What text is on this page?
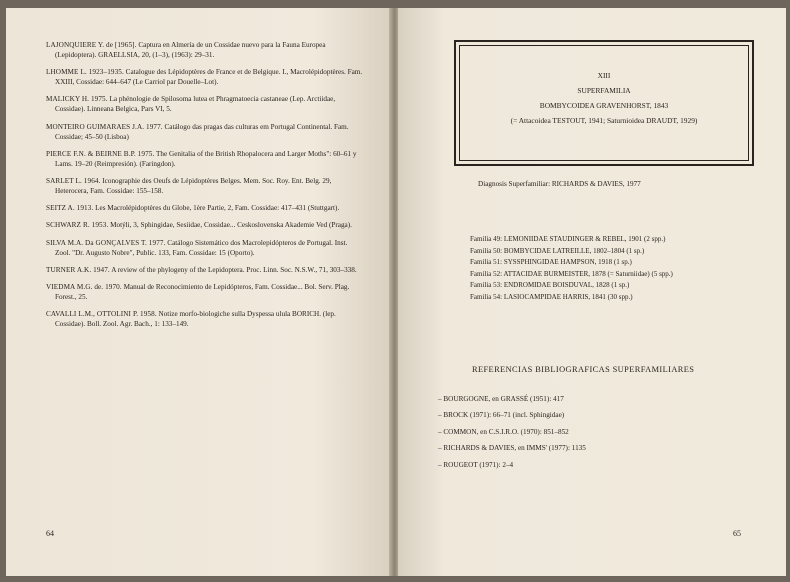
LAJONQUIERE Y. de [1965]. Captura en Almería de un Cossidae nuevo para la Fauna Europea (Lepidoptera). GRAELLSIA, 20, (1–3), (1963): 29–31.

LHOMME L. 1923–1935. Catalogue des Lépidoptères de France et de Belgique. I., Macrolépidoptères. Fam. XXIII, Cossidae: 644–647 (Le Carriol par Douelle–Lot).

MALICKY H. 1975. La phénologie de Spilosoma lutea et Phragmatoecia castaneae (Lep. Arctiidae, Cossidae). Linneana Belgica, Pars VI, 5.

MONTEIRO GUIMARAES J.A. 1977. Catálogo das pragas das culturas em Portugal Continental. Fam. Cossidae; 45–50 (Lisboa)

PIERCE F.N. & BEIRNE B.P. 1975. The Genitalia of the British Rhopalocera and Larger Moths": 60–61 y Lams. 19–20 (Reimpresión). (Faringdon).

SARLET L. 1964. Iconographie des Oeufs de Lépidoptères Belges. Mem. Soc. Roy. Ent. Belg. 29, Heterocera, Fam. Cossidae: 155–158.

SEITZ A. 1913. Les Macrolépidoptères du Globe, 1ère Partie, 2, Fam. Cossidae: 417–431 (Stuttgart).

SCHWARZ R. 1953. Motýli, 3, Sphingidae, Sesiidae, Cossidae... Ceskoslovenska Akademie Ved (Praga).

SILVA M.A. Da GONÇALVES T. 1977. Catálogo Sistemático dos Macrolepidópteros de Portugal. Inst. Zool. "Dr. Augusto Nobre", Public. 133, Fam. Cossidae: 15 (Oporto).

TURNER A.K. 1947. A review of the phylogeny of the Lepidoptera. Proc. Linn. Soc. N.S.W., 71, 303–338.

VIEDMA M.G. de. 1970. Manual de Reconocimiento de Lepidópteros, Fam. Cossidae... Bol. Serv. Plag. Forest., 25.

CAVALLI L.M., OTTOLINI P. 1958. Notize morfo-biologiche sulla Dyspessa ulula BORICH. (lep. Cossidae). Boll. Zool. Agr. Bach., 1: 133–149.

64
XIII
SUPERFAMILIA
BOMBYCOIDEA GRAVENHORST, 1843
(= Attacoidea TESTOUT, 1941; Saturnioidea DRAUDT, 1929)
Diagnosis Superfamiliar: RICHARDS & DAVIES, 1977
Familia 49: LEMONIIDAE STAUDINGER & REBEL, 1901 (2 spp.)
Familia 50: BOMBYCIDAE LATREILLE, 1802–1804 (1 sp.)
Familia 51: SYSSPHINGIDAE HAMPSON, 1918 (1 sp.)
Familia 52: ATTACIDAE BURMEISTER, 1878 (= Saturniidae) (5 spp.)
Familia 53: ENDROMIDAE BOISDUVAL, 1828 (1 sp.)
Familia 54: LASIOCAMPIDAE HARRIS, 1841 (30 spp.)
REFERENCIAS BIBLIOGRAFICAS SUPERFAMILIARES
– BOURGOGNE, en GRASSÉ (1951): 417
– BROCK (1971): 66–71 (incl. Sphingidae)
– COMMON, en C.S.I.R.O. (1970): 851–852
– RICHARDS & DAVIES, en IMMS' (1977): 1135
– ROUGEOT (1971): 2–4
65
